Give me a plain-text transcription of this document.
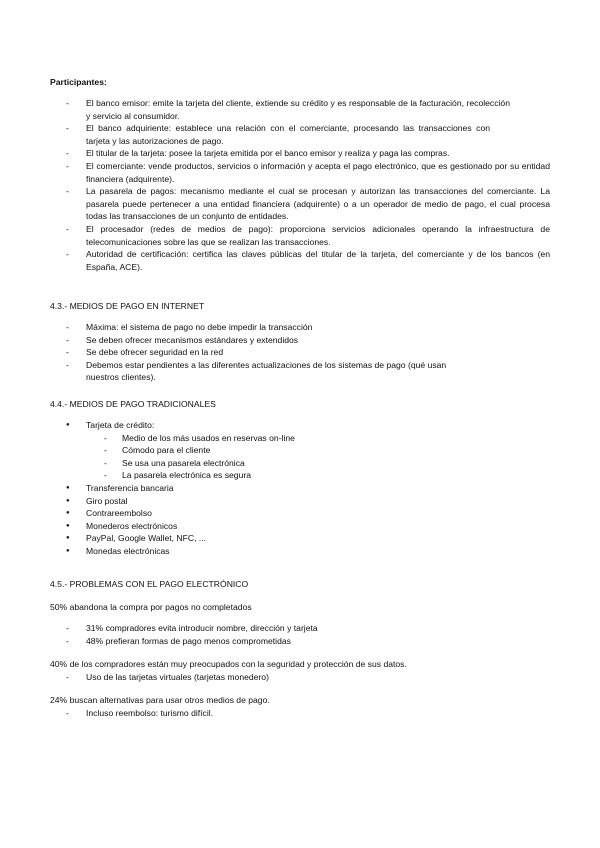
Participantes:
- El banco emisor: emite la tarjeta del cliente, extiende su crédito y es responsable de la facturación, recolección y servicio al consumidor.
- El banco adquiriente: establece una relación con el comerciante, procesando las transacciones con tarjeta y las autorizaciones de pago.
- El titular de la tarjeta: posee la tarjeta emitida por el banco emisor y realiza y paga las compras.
- El comerciante: vende productos, servicios o información y acepta el pago electrónico, que es gestionado por su entidad financiera (adquirente).
- La pasarela de pagos: mecanismo mediante el cual se procesan y autorizan las transacciones del comerciante. La pasarela puede pertenecer a una entidad financiera (adquirente) o a un operador de medio de pago, el cual procesa todas las transacciones de un conjunto de entidades.
- El procesador (redes de medios de pago): proporciona servicios adicionales operando la infraestructura de telecomunicaciones sobre las que se realizan las transacciones.
- Autoridad de certificación: certifica las claves públicas del titular de la tarjeta, del comerciante y de los bancos (en España, ACE).
4.3.- MEDIOS DE PAGO EN INTERNET
- Máxima: el sistema de pago no debe impedir la transacción
- Se deben ofrecer mecanismos estándares y extendidos
- Se debe ofrecer seguridad en la red
- Debemos estar pendientes a las diferentes actualizaciones de los sistemas de pago (qué usan nuestros clientes).
4.4.- MEDIOS DE PAGO TRADICIONALES
● Tarjeta de crédito:
- Medio de los más usados en reservas on-line
- Cómodo para el cliente
- Se usa una pasarela electrónica
- La pasarela electrónica es segura
● Transferencia bancaria
● Giro postal
● Contrareembolso
● Monederos electrónicos
● PayPal, Google Wallet, NFC, ...
● Monedas electrónicas
4.5.- PROBLEMAS CON EL PAGO ELECTRÓNICO
50% abandona la compra por pagos no completados
- 31% compradores evita introducir nombre, dirección y tarjeta
- 48% prefieran formas de pago menos comprometidas
40% de los compradores están muy preocupados con la seguridad y protección de sus datos.
- Uso de las tarjetas virtuales (tarjetas monedero)
24% buscan alternativas para usar otros medios de pago.
- Incluso reembolso: turismo difícil.
